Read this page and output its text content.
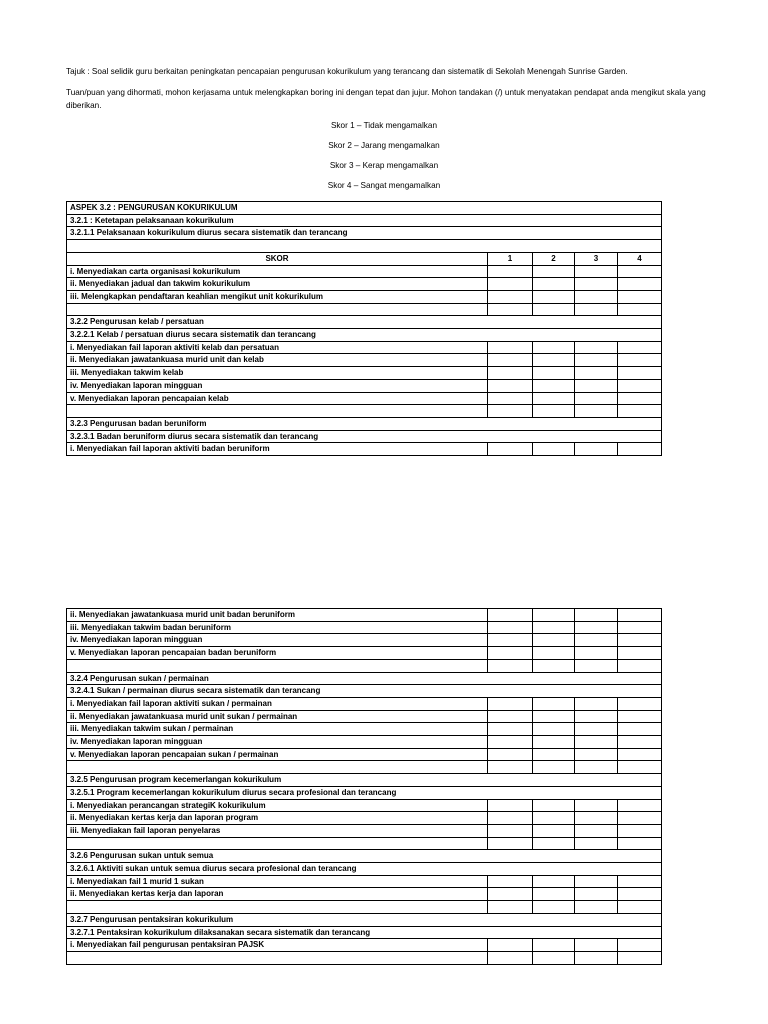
Tajuk : Soal selidik guru berkaitan peningkatan pencapaian pengurusan kokurikulum yang terancang dan sistematik di Sekolah Menengah Sunrise Garden.
Tuan/puan yang dihormati, mohon kerjasama untuk melengkapkan boring ini dengan tepat dan jujur. Mohon tandakan (/) untuk menyatakan pendapat anda mengikut skala yang diberikan.
Skor 1 – Tidak mengamalkan
Skor 2 – Jarang mengamalkan
Skor 3 – Kerap mengamalkan
Skor 4 – Sangat mengamalkan
ASPEK 3.2 : PENGURUSAN KOKURIKULUM				
3.2.1 : Ketetapan pelaksanaan kokurikulum				
3.2.1.1 Pelaksanaan kokurikulum diurus secara sistematik dan terancang				

SKOR	1	2	3	4
i. Menyediakan carta organisasi kokurikulum				
ii. Menyediakan jadual dan takwim kokurikulum				
iii. Melengkapkan pendaftaran keahlian mengikut unit kokurikulum				

3.2.2 Pengurusan kelab / persatuan				
3.2.2.1 Kelab / persatuan diurus secara sistematik dan terancang				
i. Menyediakan fail laporan aktiviti kelab dan persatuan				
ii. Menyediakan jawatankuasa murid unit dan kelab				
iii. Menyediakan takwim kelab				
iv. Menyediakan laporan mingguan				
v. Menyediakan laporan pencapaian kelab				

3.2.3 Pengurusan badan beruniform				
3.2.3.1 Badan beruniform diurus secara sistematik dan terancang				
i. Menyediakan fail laporan aktiviti badan beruniform				
ii. Menyediakan jawatankuasa murid unit badan beruniform				
iii. Menyediakan takwim badan beruniform				
iv. Menyediakan laporan mingguan				
v. Menyediakan laporan pencapaian badan beruniform				

3.2.4 Pengurusan sukan / permainan				
3.2.4.1 Sukan / permainan diurus secara sistematik dan terancang				
i. Menyediakan fail laporan aktiviti sukan / permainan				
ii. Menyediakan jawatankuasa murid unit sukan / permainan				
iii. Menyediakan takwim sukan / permainan				
iv. Menyediakan laporan mingguan				
v. Menyediakan laporan pencapaian sukan / permainan				

3.2.5 Pengurusan program kecemerlangan kokurikulum				
3.2.5.1 Program kecemerlangan kokurikulum diurus secara profesional dan terancang				
i. Menyediakan perancangan strategiK kokurikulum				
ii. Menyediakan kertas kerja dan laporan program				
iii. Menyediakan fail laporan penyelaras				

3.2.6 Pengurusan sukan untuk semua				
3.2.6.1 Aktiviti sukan untuk semua diurus secara profesional dan terancang				
i. Menyediakan fail 1 murid 1 sukan				
ii. Menyediakan kertas kerja dan laporan				

3.2.7 Pengurusan pentaksiran kokurikulum				
3.2.7.1 Pentaksiran kokurikulum dilaksanakan secara sistematik dan terancang				
i. Menyediakan fail pengurusan pentaksiran PAJSK				
